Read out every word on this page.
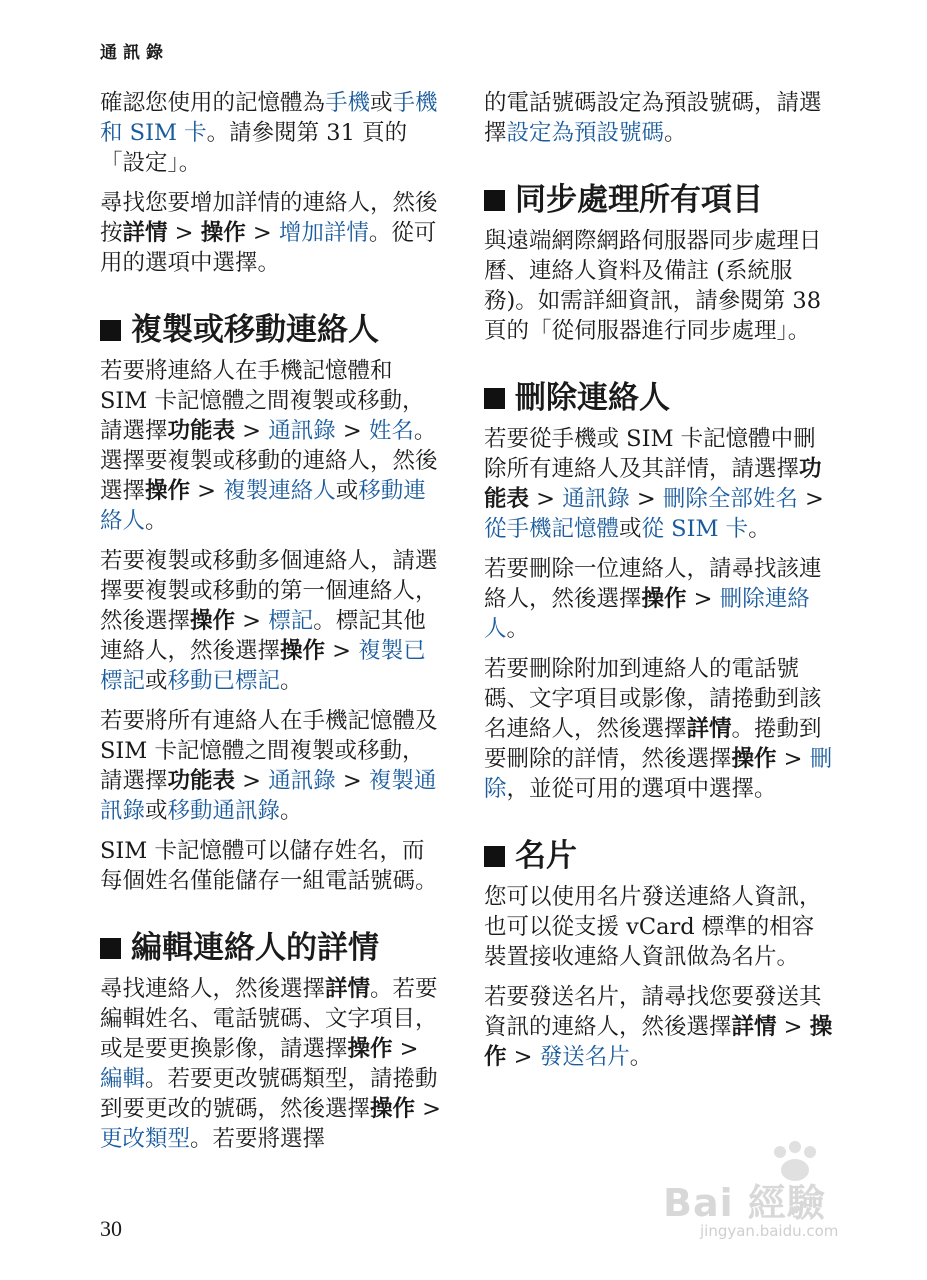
通訊錄
確認您使用的記憶體為手機或手機和 SIM 卡。請參閱第 31 頁的「設定」。
尋找您要增加詳情的連絡人，然後按詳情 > 操作 > 增加詳情。從可用的選項中選擇。
複製或移動連絡人
若要將連絡人在手機記憶體和 SIM 卡記憶體之間複製或移動，請選擇功能表 > 通訊錄 > 姓名。選擇要複製或移動的連絡人，然後選擇操作 > 複製連絡人或移動連絡人。
若要複製或移動多個連絡人，請選擇要複製或移動的第一個連絡人，然後選擇操作 > 標記。標記其他連絡人，然後選擇操作 > 複製已標記或移動已標記。
若要將所有連絡人在手機記憶體及 SIM 卡記憶體之間複製或移動，請選擇功能表 > 通訊錄 > 複製通訊錄或移動通訊錄。
SIM 卡記憶體可以儲存姓名，而每個姓名僅能儲存一組電話號碼。
編輯連絡人的詳情
尋找連絡人，然後選擇詳情。若要編輯姓名、電話號碼、文字項目，或是要更換影像，請選擇操作 > 編輯。若要更改號碼類型，請捲動到要更改的號碼，然後選擇操作 > 更改類型。若要將選擇
的電話號碼設定為預設號碼，請選擇設定為預設號碼。
同步處理所有項目
與遠端網際網路伺服器同步處理日曆、連絡人資料及備註 (系統服務)。如需詳細資訊，請參閱第 38 頁的「從伺服器進行同步處理」。
刪除連絡人
若要從手機或 SIM 卡記憶體中刪除所有連絡人及其詳情，請選擇功能表 > 通訊錄 > 刪除全部姓名 > 從手機記憶體或從 SIM 卡。
若要刪除一位連絡人，請尋找該連絡人，然後選擇操作 > 刪除連絡人。
若要刪除附加到連絡人的電話號碼、文字項目或影像，請捲動到該名連絡人，然後選擇詳情。捲動到要刪除的詳情，然後選擇操作 > 刪除，並從可用的選項中選擇。
名片
您可以使用名片發送連絡人資訊，也可以從支援 vCard 標準的相容裝置接收連絡人資訊做為名片。
若要發送名片，請尋找您要發送其資訊的連絡人，然後選擇詳情 > 操作 > 發送名片。
30
Bai 經驗
jingyan.baidu.com
